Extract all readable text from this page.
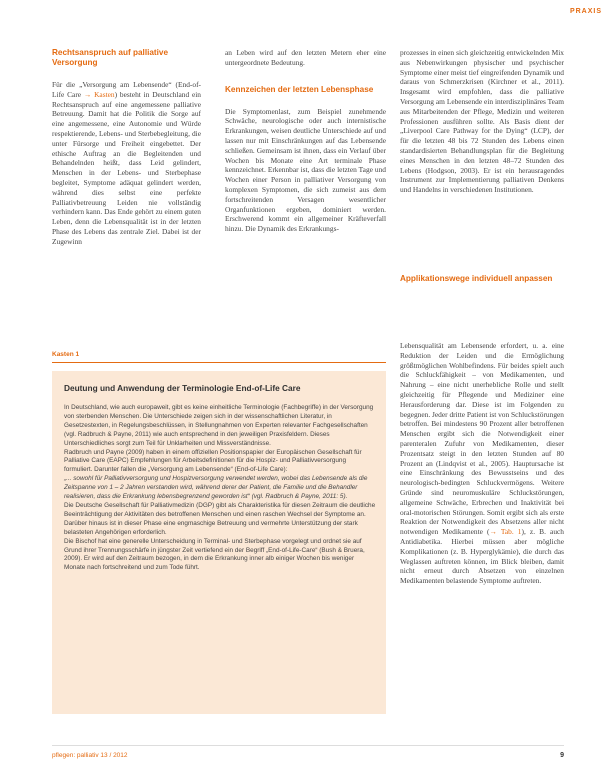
PRAXIS
Rechtsanspruch auf palliative Versorgung

Für die „Versorgung am Lebensende“ (End-of-Life Care → Kasten) besteht in Deutschland ein Rechtsanspruch auf eine angemessene palliative Betreuung. Damit hat die Politik die Sorge auf eine angemessene, eine Autonomie und Würde respektierende, Lebens- und Sterbebegleitung, die unter Fürsorge und Freiheit eingebettet. Der ethische Auftrag an die Begleitenden und Behandelnden heißt, dass Leid gelindert, Menschen in der Lebens- und Sterbephase begleitet, Symptome adäquat gelindert werden, während dies selbst eine perfekte Palliativbetreuung Leiden nie vollständig verhindern kann. Das Ende gehört zu einem guten Leben, denn die Lebensqualität ist in der letzten Phase des Lebens das zentrale Ziel. Dabei ist der Zugewinn

an Leben wird auf den letzten Metern eher eine untergeordnete Bedeutung.

Kennzeichen der letzten Lebensphase

Die Symptomenlast, zum Beispiel zunehmende Schwäche, neurologische oder auch internistische Erkrankungen, weisen deutliche Unterschiede auf und lassen nur mit Einschränkungen auf das Lebensende schließen. Gemeinsam ist ihnen, dass ein Verlauf über Wochen bis Monate eine Art terminale Phase kennzeichnet. Erkennbar ist, dass die letzten Tage und Wochen einer Person in palliativer Versorgung von komplexen Symptomen, die sich zumeist aus dem fortschreitenden Versagen wesentlicher Organfunktionen ergeben, dominiert werden. Erschwerend kommt ein allgemeiner Kräfteverfall hinzu. Die Dynamik des Erkrankungs-

prozesses in einen sich gleichzeitig entwickelnden Mix aus Nebenwirkungen physischer und psychischer Symptome einer meist tief eingreifenden Dynamik und daraus von Schmerzkrisen (Kirchner et al., 2011). Insgesamt wird empfohlen, dass die palliative Versorgung am Lebensende ein interdisziplinäres Team aus Mitarbeitenden der Pflege, Medizin und weiteren Professionen ausführen sollte. Als Basis dient der „Liverpool Care Pathway for the Dying“ (LCP), der für die letzten 48 bis 72 Stunden des Lebens einen standardisierten Behandlungsplan für die Begleitung eines Menschen in den letzten 48–72 Stunden des Lebens (Hodgson, 2003). Er ist ein herausragendes Instrument zur Implementierung palliativen Denkens und Handelns in verschiedenen Institutionen.

Applikationswege individuell anpassen

Lebensqualität am Lebensende erfordert, u. a. eine Reduktion der Leiden und die Ermöglichung größtmöglichen Wohlbefindens. Für beides spielt auch die Schluckfähigkeit – von Medikamenten, und Nahrung – eine nicht unerhebliche Rolle und stellt gleichzeitig für Pflegende und Mediziner eine Herausforderung dar. Diese ist im Folgenden zu begegnen. Jeder dritte Patient ist von Schluckstörungen betroffen. Bei mindestens 90 Prozent aller betroffenen Menschen ergibt sich die Notwendigkeit einer parenteralen Zufuhr von Medikamenten, dieser Prozentsatz steigt in den letzten Stunden auf 80 Prozent an (Lindqvist et al., 2005). Hauptursache ist eine Einschränkung des Bewusstseins und des neurologisch-bedingten Schluckvermögens. Weitere Gründe sind neuromuskuläre Schluckstörungen, allgemeine Schwäche, Erbrechen und Inaktivität bei oral-motorischen Störungen. Somit ergibt sich als erste Reaktion der Notwendigkeit des Absetzens aller nicht notwendigen Medikamente (→ Tab. 1), z. B. auch Antidiabetika. Hierbei müssen aber mögliche Komplikationen (z. B. Hyperglykämie), die durch das Weglassen auftreten können, im Blick bleiben, damit nicht erneut durch Absetzen von einzelnen Medikamenten belastende Symptome auftreten.

Kasten 1
Deutung und Anwendung der Terminologie End-of-Life Care

In Deutschland, wie auch europaweit, gibt es keine einheitliche Terminologie (Fachbegriffe) in der Versorgung von sterbenden Menschen. Die Unterschiede zeigen sich in der wissenschaftlichen Literatur, in Gesetzestexten, in Regelungsbeschlüssen, in Stellungnahmen von Experten relevanter Fachgesellschaften (vgl. Radbruch & Payne, 2011) wie auch entsprechend in den jeweiligen Praxisfeldern. Dieses Unterschiedliches sorgt zum Teil für Unklarheiten und Missverständnisse.

Radbruch und Payne (2009) haben in einem offiziellen Positionspapier der Europäischen Gesellschaft für Palliative Care (EAPC) Empfehlungen für Arbeitsdefinitionen für die Hospiz- und Palliativversorgung formuliert. Darunter fallen die „Versorgung am Lebensende“ (End-of-Life Care):

„... sowohl für Palliativversorgung und Hospizversorgung verwendet werden, wobei das Lebensende als die Zeitspanne von 1 – 2 Jahren verstanden wird, während derer der Patient, die Familie und die Behandler realisieren, dass die Erkrankung lebensbegrenzend geworden ist“ (vgl. Radbruch & Payne, 2011: 5).

Die Deutsche Gesellschaft für Palliativmedizin (DGP) gibt als Charakteristika für diesen Zeitraum die deutliche Beeinträchtigung der Aktivitäten des betroffenen Menschen und einen raschen Wechsel der Symptome an. Darüber hinaus ist in dieser Phase eine engmaschige Betreuung und vermehrte Unterstützung der stark belasteten Angehörigen erforderlich.

Die Bischof hat eine generelle Unterscheidung in Terminal- und Sterbephase vorgelegt und ordnet sie auf Grund ihrer Trennungsschärfe in jüngster Zeit vertiefend ein der Begriff „End-of-Life-Care“ (Bush & Bruera, 2009). Er wird auf den Zeitraum bezogen, in dem die Erkrankung inner alb einiger Wochen bis weniger Monate nach fortschreitend und zum Tode führt.

pflegen: palliativ 13 / 2012	9
